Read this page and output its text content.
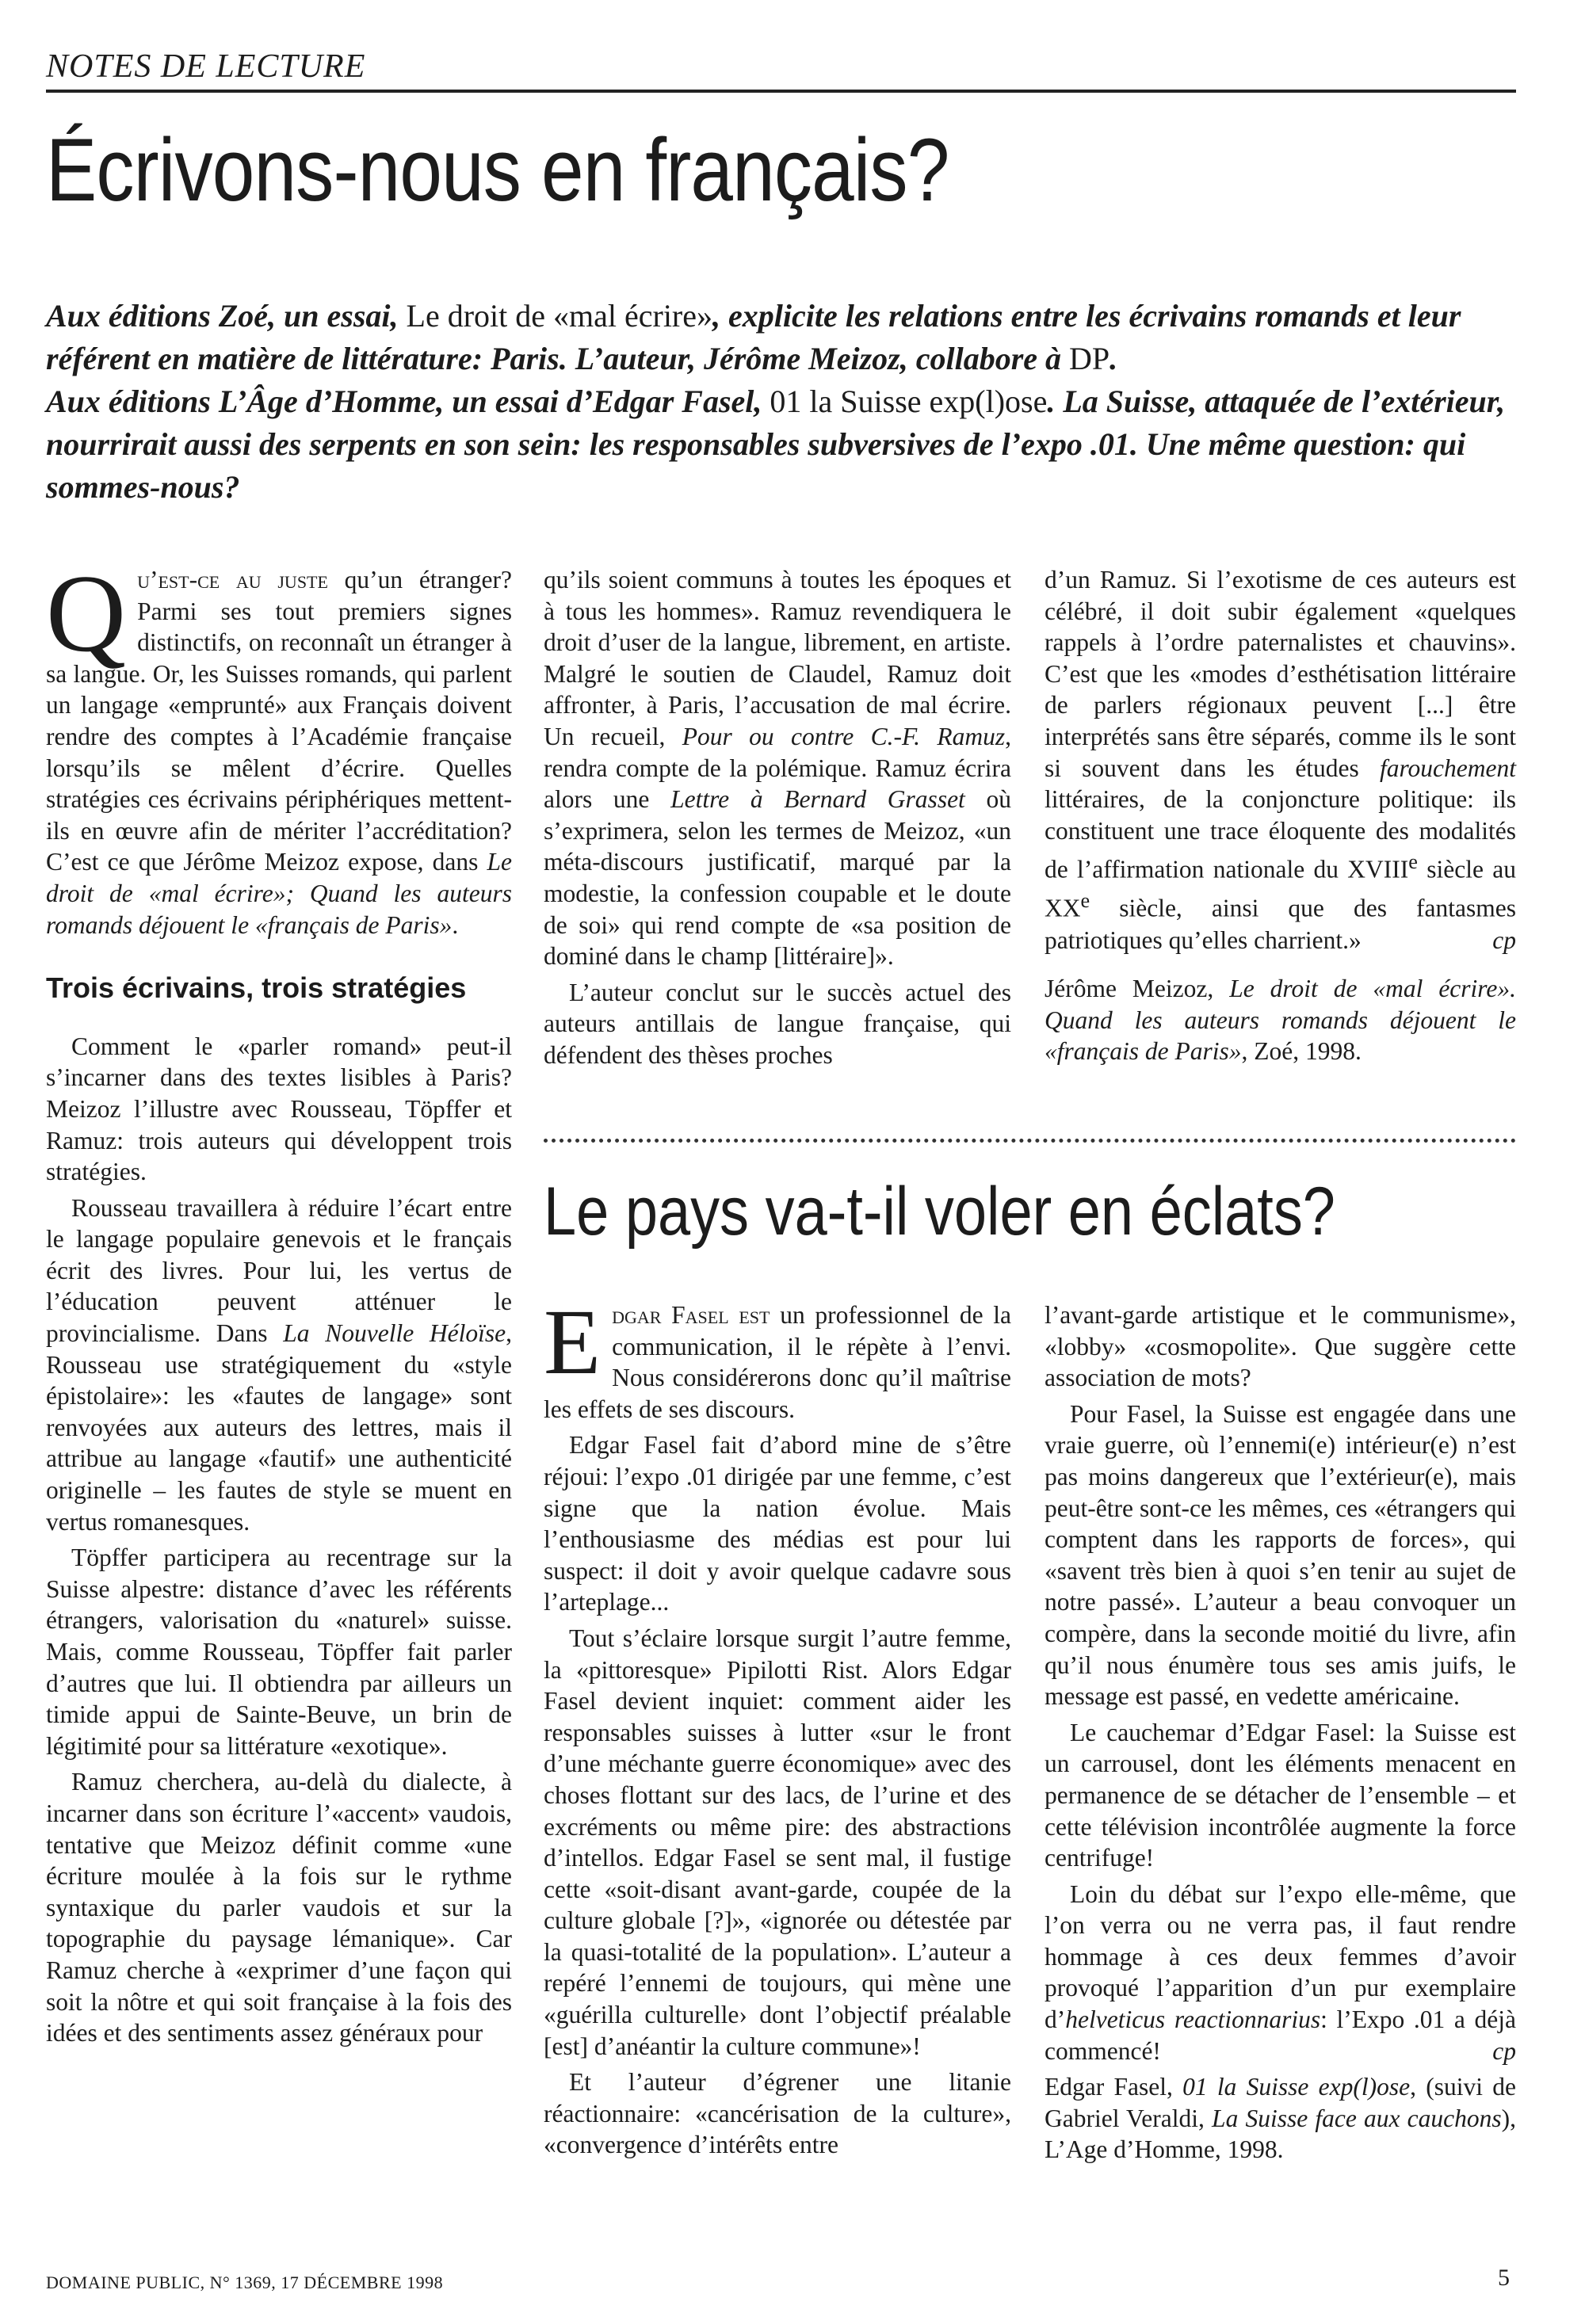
NOTES DE LECTURE
Écrivons-nous en français?

Aux éditions Zoé, un essai, Le droit de «mal écrire», explicite les relations entre les écrivains romands et leur référent en matière de littérature: Paris. L’auteur, Jérôme Meizoz, collabore à DP.

Aux éditions L’Âge d’Homme, un essai d’Edgar Fasel, 01 la Suisse exp(l)ose. La Suisse, attaquée de l’extérieur, nourrirait aussi des serpents en son sein: les responsables subversives de l’expo .01. Une même question: qui sommes-nous?

Qu’est-ce au juste qu’un étranger? Parmi ses tout premiers signes distinctifs, on reconnaît un étranger à sa langue. Or, les Suisses romands, qui parlent un langage «emprunté» aux Français doivent rendre des comptes à l’Académie française lorsqu’ils se mêlent d’écrire. Quelles stratégies ces écrivains périphériques mettent-ils en œuvre afin de mériter l’accréditation? C’est ce que Jérôme Meizoz expose, dans Le droit de «mal écrire»; Quand les auteurs romands déjouent le «français de Paris».

Trois écrivains, trois stratégies

Comment le «parler romand» peut-il s’incarner dans des textes lisibles à Paris? Meizoz l’illustre avec Rousseau, Töpffer et Ramuz: trois auteurs qui développent trois stratégies.

Rousseau travaillera à réduire l’écart entre le langage populaire genevois et le français écrit des livres. Pour lui, les vertus de l’éducation peuvent atténuer le provincialisme. Dans La Nouvelle Héloïse, Rousseau use stratégiquement du «style épistolaire»: les «fautes de langage» sont renvoyées aux auteurs des lettres, mais il attribue au langage «fautif» une authenticité originelle – les fautes de style se muent en vertus romanesques.

Töpffer participera au recentrage sur la Suisse alpestre: distance d’avec les référents étrangers, valorisation du «naturel» suisse. Mais, comme Rousseau, Töpffer fait parler d’autres que lui. Il obtiendra par ailleurs un timide appui de Sainte-Beuve, un brin de légitimité pour sa littérature «exotique».

Ramuz cherchera, au-delà du dialecte, à incarner dans son écriture l’«accent» vaudois, tentative que Meizoz définit comme «une écriture moulée à la fois sur le rythme syntaxique du parler vaudois et sur la topographie du paysage lémanique». Car Ramuz cherche à «exprimer d’une façon qui soit la nôtre et qui soit française à la fois des idées et des sentiments assez généraux pour

qu’ils soient communs à toutes les époques et à tous les hommes». Ramuz revendiquera le droit d’user de la langue, librement, en artiste. Malgré le soutien de Claudel, Ramuz doit affronter, à Paris, l’accusation de mal écrire. Un recueil, Pour ou contre C.-F. Ramuz, rendra compte de la polémique. Ramuz écrira alors une Lettre à Bernard Grasset où s’exprimera, selon les termes de Meizoz, «un méta-discours justificatif, marqué par la modestie, la confession coupable et le doute de soi» qui rend compte de «sa position de dominé dans le champ [littéraire]».

L’auteur conclut sur le succès actuel des auteurs antillais de langue française, qui défendent des thèses proches

d’un Ramuz. Si l’exotisme de ces auteurs est célébré, il doit subir également «quelques rappels à l’ordre paternalistes et chauvins». C’est que les «modes d’esthétisation littéraire de parlers régionaux peuvent [...] être interprétés sans être séparés, comme ils le sont si souvent dans les études farouchement littéraires, de la conjoncture politique: ils constituent une trace éloquente des modalités de l’affirmation nationale du XVIIIe siècle au XXe siècle, ainsi que des fantasmes patriotiques qu’elles charrient.»	cp

Jérôme Meizoz, Le droit de «mal écrire». Quand les auteurs romands déjouent le «français de Paris», Zoé, 1998.

Le pays va-t-il voler en éclats?

Edgar Fasel est un professionnel de la communication, il le répète à l’envi. Nous considérerons donc qu’il maîtrise les effets de ses discours.

Edgar Fasel fait d’abord mine de s’être réjoui: l’expo .01 dirigée par une femme, c’est signe que la nation évolue. Mais l’enthousiasme des médias est pour lui suspect: il doit y avoir quelque cadavre sous l’arteplage...

Tout s’éclaire lorsque surgit l’autre femme, la «pittoresque» Pipilotti Rist. Alors Edgar Fasel devient inquiet: comment aider les responsables suisses à lutter «sur le front d’une méchante guerre économique» avec des choses flottant sur des lacs, de l’urine et des excréments ou même pire: des abstractions d’intellos. Edgar Fasel se sent mal, il fustige cette «soit-disant avant-garde, coupée de la culture globale [?]», «ignorée ou détestée par la quasi-totalité de la population». L’auteur a repéré l’ennemi de toujours, qui mène une «guérilla culturelle› dont l’objectif préalable [est] d’anéantir la culture commune»!

Et l’auteur d’égrener une litanie réactionnaire: «cancérisation de la culture», «convergence d’intérêts entre

l’avant-garde artistique et le communisme», «lobby» «cosmopolite». Que suggère cette association de mots?

Pour Fasel, la Suisse est engagée dans une vraie guerre, où l’ennemi(e) intérieur(e) n’est pas moins dangereux que l’extérieur(e), mais peut-être sont-ce les mêmes, ces «étrangers qui comptent dans les rapports de forces», qui «savent très bien à quoi s’en tenir au sujet de notre passé». L’auteur a beau convoquer un compère, dans la seconde moitié du livre, afin qu’il nous énumère tous ses amis juifs, le message est passé, en vedette américaine.

Le cauchemar d’Edgar Fasel: la Suisse est un carrousel, dont les éléments menacent en permanence de se détacher de l’ensemble – et cette télévision incontrôlée augmente la force centrifuge!

Loin du débat sur l’expo elle-même, que l’on verra ou ne verra pas, il faut rendre hommage à ces deux femmes d’avoir provoqué l’apparition d’un pur exemplaire d’helveticus reactionnarius: l’Expo .01 a déjà commencé!	cp

Edgar Fasel, 01 la Suisse exp(l)ose, (suivi de Gabriel Veraldi, La Suisse face aux cauchons), L’Age d’Homme, 1998.

DOMAINE PUBLIC, N° 1369, 17 DÉCEMBRE 1998	5
